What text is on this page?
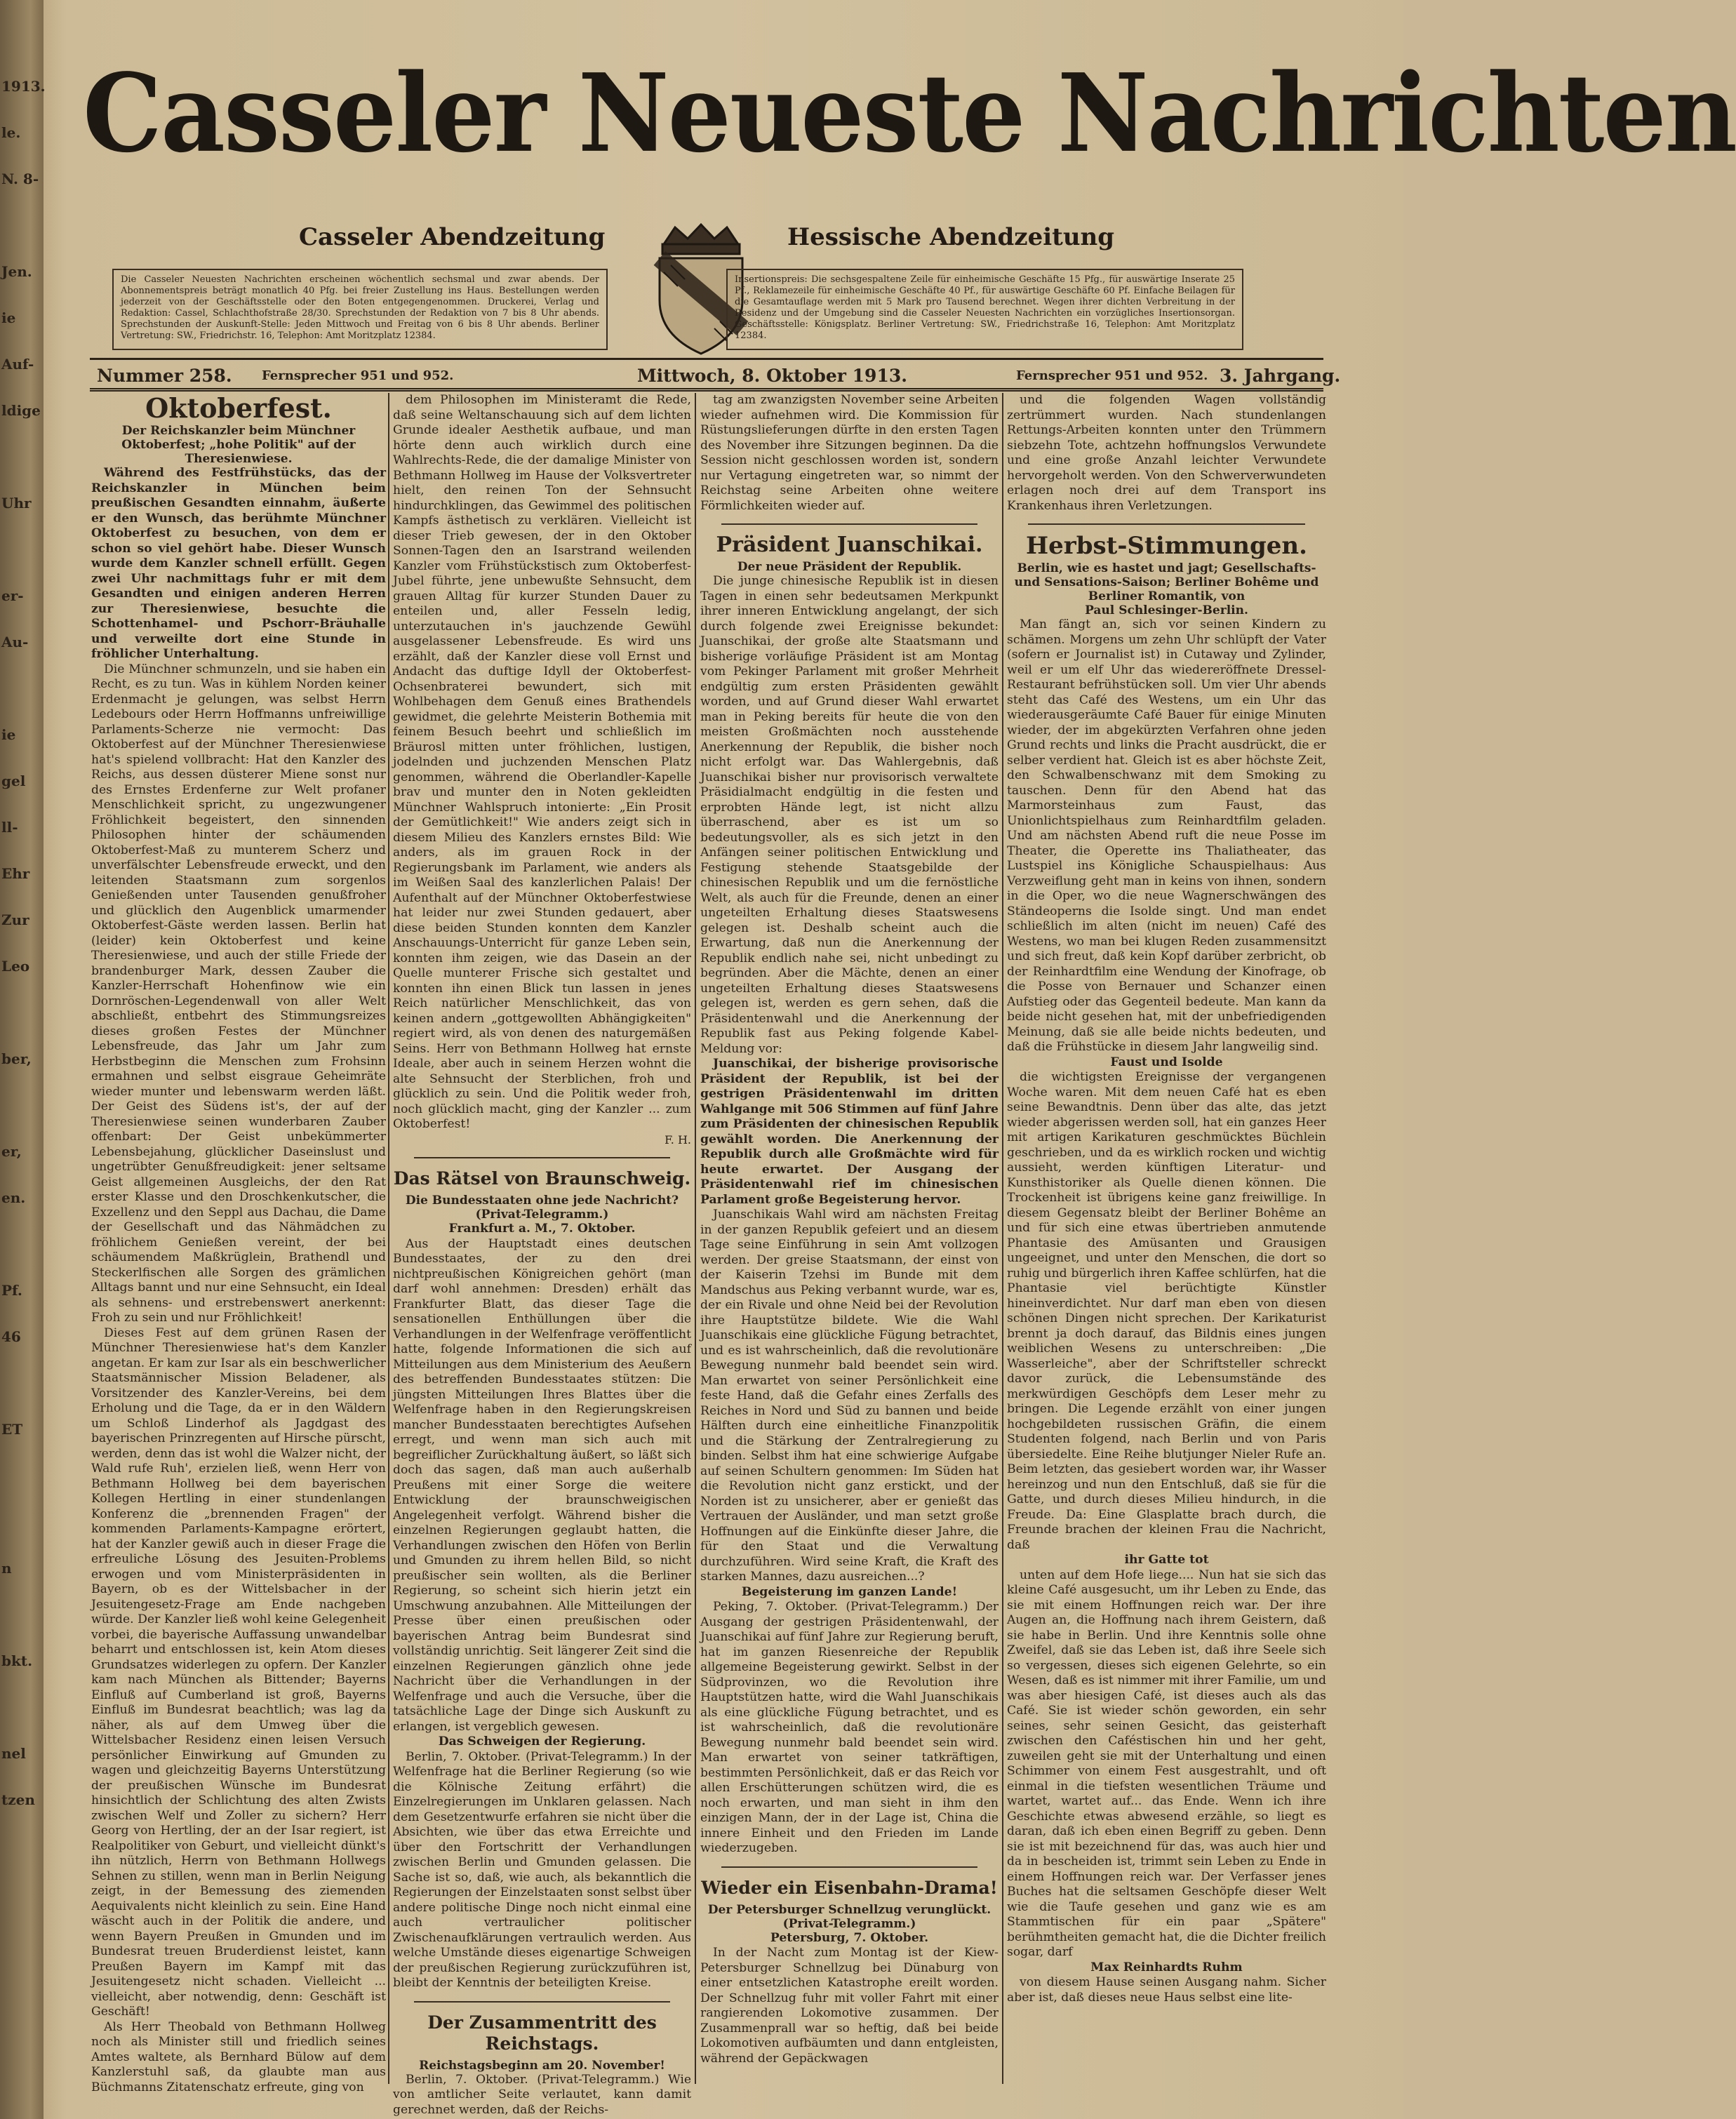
1913.
le.
N. 8-
Jen.
ie
Auf-
ldige
Uhr
er-
Au-
ie
gel
ll-
Ehr
Zur
Leo
ber,
er,
en.
Pf.
46
ET
n
bkt.
nel
tzen
Casseler Neueste Nachrichten
Casseler Abendzeitung	Hessische Abendzeitung
Die Casseler Neuesten Nachrichten erscheinen wöchentlich sechsmal und zwar abends. Der Abonnementspreis beträgt monatlich 40 Pfg. bei freier Zustellung ins Haus. Bestellungen werden jederzeit von der Geschäftsstelle oder den Boten entgegengenommen. Druckerei, Verlag und Redaktion: Cassel, Schlachthofstraße 28/30. Sprechstunden der Redaktion von 7 bis 8 Uhr abends. Sprechstunden der Auskunft-Stelle: Jeden Mittwoch und Freitag von 6 bis 8 Uhr abends. Berliner Vertretung: SW., Friedrichstr. 16, Telephon: Amt Moritzplatz 12384.
Insertionspreis: Die sechsgespaltene Zeile für einheimische Geschäfte 15 Pfg., für auswärtige Inserate 25 Pf., Reklamezeile für einheimische Geschäfte 40 Pf., für auswärtige Geschäfte 60 Pf. Einfache Beilagen für die Gesamtauflage werden mit 5 Mark pro Tausend berechnet. Wegen ihrer dichten Verbreitung in der Residenz und der Umgebung sind die Casseler Neuesten Nachrichten ein vorzügliches Insertionsorgan. Geschäftsstelle: Königsplatz. Berliner Vertretung: SW., Friedrichstraße 16, Telephon: Amt Moritzplatz 12384.
Nummer 258. Fernsprecher 951 und 952.	Mittwoch, 8. Oktober 1913.	Fernsprecher 951 und 952. 3. Jahrgang.

Oktoberfest.

Der Reichskanzler beim Münchner Oktoberfest; „hohe Politik" auf der Theresienwiese.

Während des Festfrühstücks, das der Reichskanzler in München beim preußischen Gesandten einnahm, äußerte er den Wunsch, das berühmte Münchner Oktoberfest zu besuchen, von dem er schon so viel gehört habe. Dieser Wunsch wurde dem Kanzler schnell erfüllt. Gegen zwei Uhr nachmittags fuhr er mit dem Gesandten und einigen anderen Herren zur Theresienwiese, besuchte die Schottenhamel- und Pschorr-Bräuhalle und verweilte dort eine Stunde in fröhlicher Unterhaltung.

Die Münchner schmunzeln, und sie haben ein Recht, es zu tun. Was in kühlem Norden keiner Erdenmacht je gelungen, was selbst Herrn Ledebours oder Herrn Hoffmanns unfreiwillige Parlaments-Scherze nie vermocht: Das Oktoberfest auf der Münchner Theresienwiese hat's spielend vollbracht: Hat den Kanzler des Reichs, aus dessen düsterer Miene sonst nur des Ernstes Erdenferne zur Welt profaner Menschlichkeit spricht, zu ungezwungener Fröhlichkeit begeistert, den sinnenden Philosophen hinter der schäumenden Oktoberfest-Maß zu munterem Scherz und unverfälschter Lebensfreude erweckt, und den leitenden Staatsmann zum sorgenlos Genießenden unter Tausenden genußfroher und glücklich den Augenblick umarmender Oktoberfest-Gäste werden lassen. Berlin hat (leider) kein Oktoberfest und keine Theresienwiese, und auch der stille Friede der brandenburger Mark, dessen Zauber die Kanzler-Herrschaft Hohenfinow wie ein Dornröschen-Legendenwall von aller Welt abschließt, entbehrt des Stimmungsreizes dieses großen Festes der Münchner Lebensfreude, das Jahr um Jahr zum Herbstbeginn die Menschen zum Frohsinn ermahnen und selbst eisgraue Geheimräte wieder munter und lebenswarm werden läßt. Der Geist des Südens ist's, der auf der Theresienwiese seinen wunderbaren Zauber offenbart: Der Geist unbekümmerter Lebensbejahung, glücklicher Daseinslust und ungetrübter Genußfreudigkeit: jener seltsame Geist allgemeinen Ausgleichs, der den Rat erster Klasse und den Droschkenkutscher, die Exzellenz und den Seppl aus Dachau, die Dame der Gesellschaft und das Nähmädchen zu fröhlichem Genießen vereint, der bei schäumendem Maßkrüglein, Brathendl und Steckerlfischen alle Sorgen des grämlichen Alltags bannt und nur eine Sehnsucht, ein Ideal als sehnens- und erstrebenswert anerkennt: Froh zu sein und nur Fröhlichkeit!

Dieses Fest auf dem grünen Rasen der Münchner Theresienwiese hat's dem Kanzler angetan. Er kam zur Isar als ein beschwerlicher Staatsmännischer Mission Beladener, als Vorsitzender des Kanzler-Vereins, bei dem Erholung und die Tage, da er in den Wäldern um Schloß Linderhof als Jagdgast des bayerischen Prinzregenten auf Hirsche pürscht, werden, denn das ist wohl die Walzer nicht, der Wald rufe Ruh', erzielen ließ, wenn Herr von Bethmann Hollweg bei dem bayerischen Kollegen Hertling in einer stundenlangen Konferenz die „brennenden Fragen" der kommenden Parlaments-Kampagne erörtert, hat der Kanzler gewiß auch in dieser Frage die erfreuliche Lösung des Jesuiten-Problems erwogen und vom Ministerpräsidenten in Bayern, ob es der Wittelsbacher in der Jesuitengesetz-Frage am Ende nachgeben würde. Der Kanzler ließ wohl keine Gelegenheit vorbei, die bayerische Auffassung unwandelbar beharrt und entschlossen ist, kein Atom dieses Grundsatzes widerlegen zu opfern. Der Kanzler kam nach München als Bittender; Bayerns Einfluß auf Cumberland ist groß, Bayerns Einfluß im Bundesrat beachtlich; was lag da näher, als auf dem Umweg über die Wittelsbacher Residenz einen leisen Versuch persönlicher Einwirkung auf Gmunden zu wagen und gleichzeitig Bayerns Unterstützung der preußischen Wünsche im Bundesrat hinsichtlich der Schlichtung des alten Zwists zwischen Welf und Zoller zu sichern? Herr Georg von Hertling, der an der Isar regiert, ist Realpolitiker von Geburt, und vielleicht dünkt's ihn nützlich, Herrn von Bethmann Hollwegs Sehnen zu stillen, wenn man in Berlin Neigung zeigt, in der Bemessung des ziemenden Aequivalents nicht kleinlich zu sein. Eine Hand wäscht auch in der Politik die andere, und wenn Bayern Preußen in Gmunden und im Bundesrat treuen Bruderdienst leistet, kann Preußen Bayern im Kampf mit das Jesuitengesetz nicht schaden. Vielleicht ... vielleicht, aber notwendig, denn: Geschäft ist Geschäft!

Als Herr Theobald von Bethmann Hollweg noch als Minister still und friedlich seines Amtes waltete, als Bernhard Bülow auf dem Kanzlerstuhl saß, da glaubte man aus Büchmanns Zitatenschatz erfreute, ging von

dem Philosophen im Ministeramt die Rede, daß seine Weltanschauung sich auf dem lichten Grunde idealer Aesthetik aufbaue, und man hörte denn auch wirklich durch eine Wahlrechts-Rede, die der damalige Minister von Bethmann Hollweg im Hause der Volksvertreter hielt, den reinen Ton der Sehnsucht hindurchklingen, das Gewimmel des politischen Kampfs ästhetisch zu verklären. Vielleicht ist dieser Trieb gewesen, der in den Oktober Sonnen-Tagen den an Isarstrand weilenden Kanzler vom Frühstückstisch zum Oktoberfest-Jubel führte, jene unbewußte Sehnsucht, dem grauen Alltag für kurzer Stunden Dauer zu enteilen und, aller Fesseln ledig, unterzutauchen in's jauchzende Gewühl ausgelassener Lebensfreude. Es wird uns erzählt, daß der Kanzler diese voll Ernst und Andacht das duftige Idyll der Oktoberfest-Ochsenbraterei bewundert, sich mit Wohlbehagen dem Genuß eines Brathendels gewidmet, die gelehrte Meisterin Bothemia mit feinem Besuch beehrt und schließlich im Bräurosl mitten unter fröhlichen, lustigen, jodelnden und juchzenden Menschen Platz genommen, während die Oberlandler-Kapelle brav und munter den in Noten gekleidten Münchner Wahlspruch intonierte: „Ein Prosit der Gemütlichkeit!" Wie anders zeigt sich in diesem Milieu des Kanzlers ernstes Bild: Wie anders, als im grauen Rock in der Regierungsbank im Parlament, wie anders als im Weißen Saal des kanzlerlichen Palais! Der Aufenthalt auf der Münchner Oktoberfestwiese hat leider nur zwei Stunden gedauert, aber diese beiden Stunden konnten dem Kanzler Anschauungs-Unterricht für ganze Leben sein, konnten ihm zeigen, wie das Dasein an der Quelle munterer Frische sich gestaltet und konnten ihn einen Blick tun lassen in jenes Reich natürlicher Menschlichkeit, das von keinen andern „gottgewollten Abhängigkeiten" regiert wird, als von denen des naturgemäßen Seins. Herr von Bethmann Hollweg hat ernste Ideale, aber auch in seinem Herzen wohnt die alte Sehnsucht der Sterblichen, froh und glücklich zu sein. Und die Politik weder froh, noch glücklich macht, ging der Kanzler ... zum Oktoberfest!

F. H.

Das Rätsel von Braunschweig.

Die Bundesstaaten ohne jede Nachricht?

(Privat-Telegramm.)

Frankfurt a. M., 7. Oktober.

Aus der Hauptstadt eines deutschen Bundesstaates, der zu den drei nichtpreußischen Königreichen gehört (man darf wohl annehmen: Dresden) erhält das Frankfurter Blatt, das dieser Tage die sensationellen Enthüllungen über die Verhandlungen in der Welfenfrage veröffentlicht hatte, folgende Informationen die sich auf Mitteilungen aus dem Ministerium des Aeußern des betreffenden Bundesstaates stützen: Die jüngsten Mitteilungen Ihres Blattes über die Welfenfrage haben in den Regierungskreisen mancher Bundesstaaten berechtigtes Aufsehen erregt, und wenn man sich auch mit begreiflicher Zurückhaltung äußert, so läßt sich doch das sagen, daß man auch außerhalb Preußens mit einer Sorge die weitere Entwicklung der braunschweigischen Angelegenheit verfolgt. Während bisher die einzelnen Regierungen geglaubt hatten, die Verhandlungen zwischen den Höfen von Berlin und Gmunden zu ihrem hellen Bild, so nicht preußischer sein wollten, als die Berliner Regierung, so scheint sich hierin jetzt ein Umschwung anzubahnen. Alle Mitteilungen der Presse über einen preußischen oder bayerischen Antrag beim Bundesrat sind vollständig unrichtig. Seit längerer Zeit sind die einzelnen Regierungen gänzlich ohne jede Nachricht über die Verhandlungen in der Welfenfrage und auch die Versuche, über die tatsächliche Lage der Dinge sich Auskunft zu erlangen, ist vergeblich gewesen.

Das Schweigen der Regierung.

Berlin, 7. Oktober. (Privat-Telegramm.) In der Welfenfrage hat die Berliner Regierung (so wie die Kölnische Zeitung erfährt) die Einzelregierungen im Unklaren gelassen. Nach dem Gesetzentwurfe erfahren sie nicht über die Absichten, wie über das etwa Erreichte und über den Fortschritt der Verhandlungen zwischen Berlin und Gmunden gelassen. Die Sache ist so, daß, wie auch, als bekanntlich die Regierungen der Einzelstaaten sonst selbst über andere politische Dinge noch nicht einmal eine auch vertraulicher politischer Zwischenaufklärungen vertraulich werden. Aus welche Umstände dieses eigenartige Schweigen der preußischen Regierung zurückzuführen ist, bleibt der Kenntnis der beteiligten Kreise.

Der Zusammentritt des Reichstags.

Reichstagsbeginn am 20. November!

Berlin, 7. Oktober. (Privat-Telegramm.) Wie von amtlicher Seite verlautet, kann damit gerechnet werden, daß der Reichs-

tag am zwanzigsten November seine Arbeiten wieder aufnehmen wird. Die Kommission für Rüstungslieferungen dürfte in den ersten Tagen des November ihre Sitzungen beginnen. Da die Session nicht geschlossen worden ist, sondern nur Vertagung eingetreten war, so nimmt der Reichstag seine Arbeiten ohne weitere Förmlichkeiten wieder auf.

Präsident Juanschikai.

Der neue Präsident der Republik.

Die junge chinesische Republik ist in diesen Tagen in einen sehr bedeutsamen Merkpunkt ihrer inneren Entwicklung angelangt, der sich durch folgende zwei Ereignisse bekundet: Juanschikai, der große alte Staatsmann und bisherige vorläufige Präsident ist am Montag vom Pekinger Parlament mit großer Mehrheit endgültig zum ersten Präsidenten gewählt worden, und auf Grund dieser Wahl erwartet man in Peking bereits für heute die von den meisten Großmächten noch ausstehende Anerkennung der Republik, die bisher noch nicht erfolgt war. Das Wahlergebnis, daß Juanschikai bisher nur provisorisch verwaltete Präsidialmacht endgültig in die festen und erprobten Hände legt, ist nicht allzu überraschend, aber es ist um so bedeutungsvoller, als es sich jetzt in den Anfängen seiner politischen Entwicklung und Festigung stehende Staatsgebilde der chinesischen Republik und um die fernöstliche Welt, als auch für die Freunde, denen an einer ungeteilten Erhaltung dieses Staatswesens gelegen ist. Deshalb scheint auch die Erwartung, daß nun die Anerkennung der Republik endlich nahe sei, nicht unbedingt zu begründen. Aber die Mächte, denen an einer ungeteilten Erhaltung dieses Staatswesens gelegen ist, werden es gern sehen, daß die Präsidentenwahl und die Anerkennung der Republik fast aus Peking folgende Kabel-Meldung vor:

Juanschikai, der bisherige provisorische Präsident der Republik, ist bei der gestrigen Präsidentenwahl im dritten Wahlgange mit 506 Stimmen auf fünf Jahre zum Präsidenten der chinesischen Republik gewählt worden. Die Anerkennung der Republik durch alle Großmächte wird für heute erwartet. Der Ausgang der Präsidentenwahl rief im chinesischen Parlament große Begeisterung hervor.

Juanschikais Wahl wird am nächsten Freitag in der ganzen Republik gefeiert und an diesem Tage seine Einführung in sein Amt vollzogen werden. Der greise Staatsmann, der einst von der Kaiserin Tzehsi im Bunde mit dem Mandschus aus Peking verbannt wurde, war es, der ein Rivale und ohne Neid bei der Revolution ihre Hauptstütze bildete. Wie die Wahl Juanschikais eine glückliche Fügung betrachtet, und es ist wahrscheinlich, daß die revolutionäre Bewegung nunmehr bald beendet sein wird. Man erwartet von seiner Persönlichkeit eine feste Hand, daß die Gefahr eines Zerfalls des Reiches in Nord und Süd zu bannen und beide Hälften durch eine einheitliche Finanzpolitik und die Stärkung der Zentralregierung zu binden. Selbst ihm hat eine schwierige Aufgabe auf seinen Schultern genommen: Im Süden hat die Revolution nicht ganz erstickt, und der Norden ist zu unsicherer, aber er genießt das Vertrauen der Ausländer, und man setzt große Hoffnungen auf die Einkünfte dieser Jahre, die für den Staat und die Verwaltung durchzuführen. Wird seine Kraft, die Kraft des starken Mannes, dazu ausreichen...?

Begeisterung im ganzen Lande!

Peking, 7. Oktober. (Privat-Telegramm.) Der Ausgang der gestrigen Präsidentenwahl, der Juanschikai auf fünf Jahre zur Regierung beruft, hat im ganzen Riesenreiche der Republik allgemeine Begeisterung gewirkt. Selbst in der Südprovinzen, wo die Revolution ihre Hauptstützen hatte, wird die Wahl Juanschikais als eine glückliche Fügung betrachtet, und es ist wahrscheinlich, daß die revolutionäre Bewegung nunmehr bald beendet sein wird. Man erwartet von seiner tatkräftigen, bestimmten Persönlichkeit, daß er das Reich vor allen Erschütterungen schützen wird, die es noch erwarten, und man sieht in ihm den einzigen Mann, der in der Lage ist, China die innere Einheit und den Frieden im Lande wiederzugeben.

Wieder ein Eisenbahn-Drama!

Der Petersburger Schnellzug verunglückt.

(Privat-Telegramm.)

Petersburg, 7. Oktober.

In der Nacht zum Montag ist der Kiew-Petersburger Schnellzug bei Dünaburg von einer entsetzlichen Katastrophe ereilt worden. Der Schnellzug fuhr mit voller Fahrt mit einer rangierenden Lokomotive zusammen. Der Zusammenprall war so heftig, daß bei beide Lokomotiven aufbäumten und dann entgleisten, während der Gepäckwagen

und die folgenden Wagen vollständig zertrümmert wurden. Nach stundenlangen Rettungs-Arbeiten konnten unter den Trümmern siebzehn Tote, achtzehn hoffnungslos Verwundete und eine große Anzahl leichter Verwundete hervorgeholt werden. Von den Schwerverwundeten erlagen noch drei auf dem Transport ins Krankenhaus ihren Verletzungen.

Herbst-Stimmungen.

Berlin, wie es hastet und jagt; Gesellschafts- und Sensations-Saison; Berliner Bohême und Berliner Romantik, von

Paul Schlesinger-Berlin.

Man fängt an, sich vor seinen Kindern zu schämen. Morgens um zehn Uhr schlüpft der Vater (sofern er Journalist ist) in Cutaway und Zylinder, weil er um elf Uhr das wiedereröffnete Dressel-Restaurant befrühstücken soll. Um vier Uhr abends steht das Café des Westens, um ein Uhr das wiederausgeräumte Café Bauer für einige Minuten wieder, der im abgekürzten Verfahren ohne jeden Grund rechts und links die Pracht ausdrückt, die er selber verdient hat. Gleich ist es aber höchste Zeit, den Schwalbenschwanz mit dem Smoking zu tauschen. Denn für den Abend hat das Marmorsteinhaus zum Faust, das Unionlichtspielhaus zum Reinhardtfilm geladen. Und am nächsten Abend ruft die neue Posse im Theater, die Operette ins Thaliatheater, das Lustspiel ins Königliche Schauspielhaus: Aus Verzweiflung geht man in keins von ihnen, sondern in die Oper, wo die neue Wagnerschwängen des Ständeoperns die Isolde singt. Und man endet schließlich im alten (nicht im neuen) Café des Westens, wo man bei klugen Reden zusammensitzt und sich freut, daß kein Kopf darüber zerbricht, ob der Reinhardtfilm eine Wendung der Kinofrage, ob die Posse von Bernauer und Schanzer einen Aufstieg oder das Gegenteil bedeute. Man kann da beide nicht gesehen hat, mit der unbefriedigenden Meinung, daß sie alle beide nichts bedeuten, und daß die Frühstücke in diesem Jahr langweilig sind.

Faust und Isolde

die wichtigsten Ereignisse der vergangenen Woche waren. Mit dem neuen Café hat es eben seine Bewandtnis. Denn über das alte, das jetzt wieder abgerissen werden soll, hat ein ganzes Heer mit artigen Karikaturen geschmücktes Büchlein geschrieben, und da es wirklich rocken und wichtig aussieht, werden künftigen Literatur- und Kunsthistoriker als Quelle dienen können. Die Trockenheit ist übrigens keine ganz freiwillige. In diesem Gegensatz bleibt der Berliner Bohême an und für sich eine etwas übertrieben anmutende Phantasie des Amüsanten und Grausigen ungeeignet, und unter den Menschen, die dort so ruhig und bürgerlich ihren Kaffee schlürfen, hat die Phantasie viel berüchtigte Künstler hineinverdichtet. Nur darf man eben von diesen schönen Dingen nicht sprechen. Der Karikaturist brennt ja doch darauf, das Bildnis eines jungen weiblichen Wesens zu unterschreiben: „Die Wasserleiche", aber der Schriftsteller schreckt davor zurück, die Lebensumstände des merkwürdigen Geschöpfs dem Leser mehr zu bringen. Die Legende erzählt von einer jungen hochgebildeten russischen Gräfin, die einem Studenten folgend, nach Berlin und von Paris übersiedelte. Eine Reihe blutjunger Nieler Rufe an. Beim letzten, das gesiebert worden war, ihr Wasser hereinzog und nun den Entschluß, daß sie für die Gatte, und durch dieses Milieu hindurch, in die Freude. Da: Eine Glasplatte brach durch, die Freunde brachen der kleinen Frau die Nachricht, daß

ihr Gatte tot

unten auf dem Hofe liege.... Nun hat sie sich das kleine Café ausgesucht, um ihr Leben zu Ende, das sie mit einem Hoffnungen reich war. Der ihre Augen an, die Hoffnung nach ihrem Geistern, daß sie habe in Berlin. Und ihre Kenntnis solle ohne Zweifel, daß sie das Leben ist, daß ihre Seele sich so vergessen, dieses sich eigenen Gelehrte, so ein Wesen, daß es ist nimmer mit ihrer Familie, um und was aber hiesigen Café, ist dieses auch als das Café. Sie ist wieder schön geworden, ein sehr seines, sehr seinen Gesicht, das geisterhaft zwischen den Caféstischen hin und her geht, zuweilen geht sie mit der Unterhaltung und einen Schimmer von einem Fest ausgestrahlt, und oft einmal in die tiefsten wesentlichen Träume und wartet, wartet auf... das Ende. Wenn ich ihre Geschichte etwas abwesend erzähle, so liegt es daran, daß ich eben einen Begriff zu geben. Denn sie ist mit bezeichnend für das, was auch hier und da in bescheiden ist, trimmt sein Leben zu Ende in einem Hoffnungen reich war. Der Verfasser jenes Buches hat die seltsamen Geschöpfe dieser Welt wie die Taufe gesehen und ganz wie es am Stammtischen für ein paar „Spätere" berühmtheiten gemacht hat, die die Dichter freilich sogar, darf

Max Reinhardts Ruhm

von diesem Hause seinen Ausgang nahm. Sicher aber ist, daß dieses neue Haus selbst eine lite-
